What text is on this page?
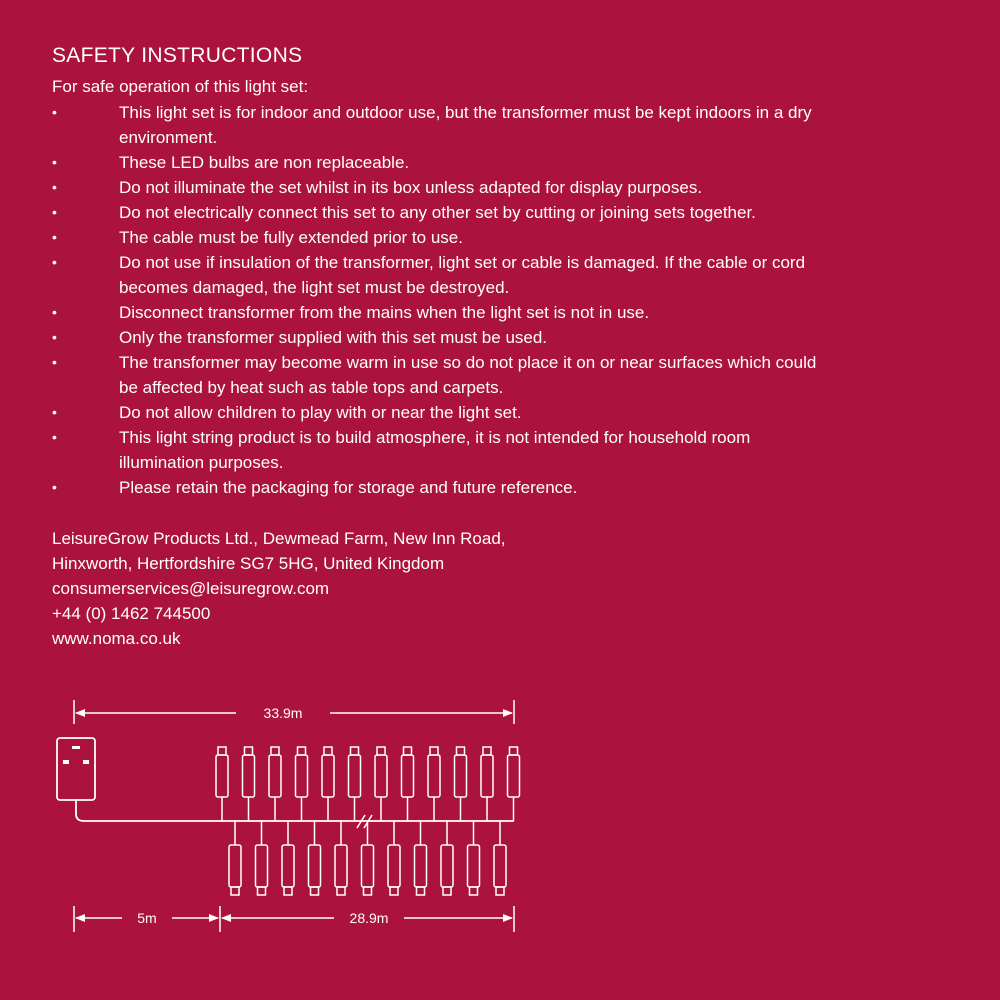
SAFETY INSTRUCTIONS

For safe operation of this light set:

•	This light set is for indoor and outdoor use, but the transformer must be kept indoors in a dry environment.
•	These LED bulbs are non replaceable.
•	Do not illuminate the set whilst in its box unless adapted for display purposes.
•	Do not electrically connect this set to any other set by cutting or joining sets together.
•	The cable must be fully extended prior to use.
•	Do not use if insulation of the transformer, light set or cable is damaged. If the cable or cord becomes damaged, the light set must be destroyed.
•	Disconnect transformer from the mains when the light set is not in use.
•	Only the transformer supplied with this set must be used.
•	The transformer may become warm in use so do not place it on or near surfaces which could be affected by heat such as table tops and carpets.
•	Do not allow children to play with or near the light set.
•	This light string product is to build atmosphere, it is not intended for household room illumination purposes.
•	Please retain the packaging for storage and future reference.
LeisureGrow Products Ltd., Dewmead Farm, New Inn Road,
Hinxworth, Hertfordshire SG7 5HG, United Kingdom
consumerservices@leisuregrow.com
+44 (0) 1462 744500
www.noma.co.uk
33.9m
5m	28.9m
